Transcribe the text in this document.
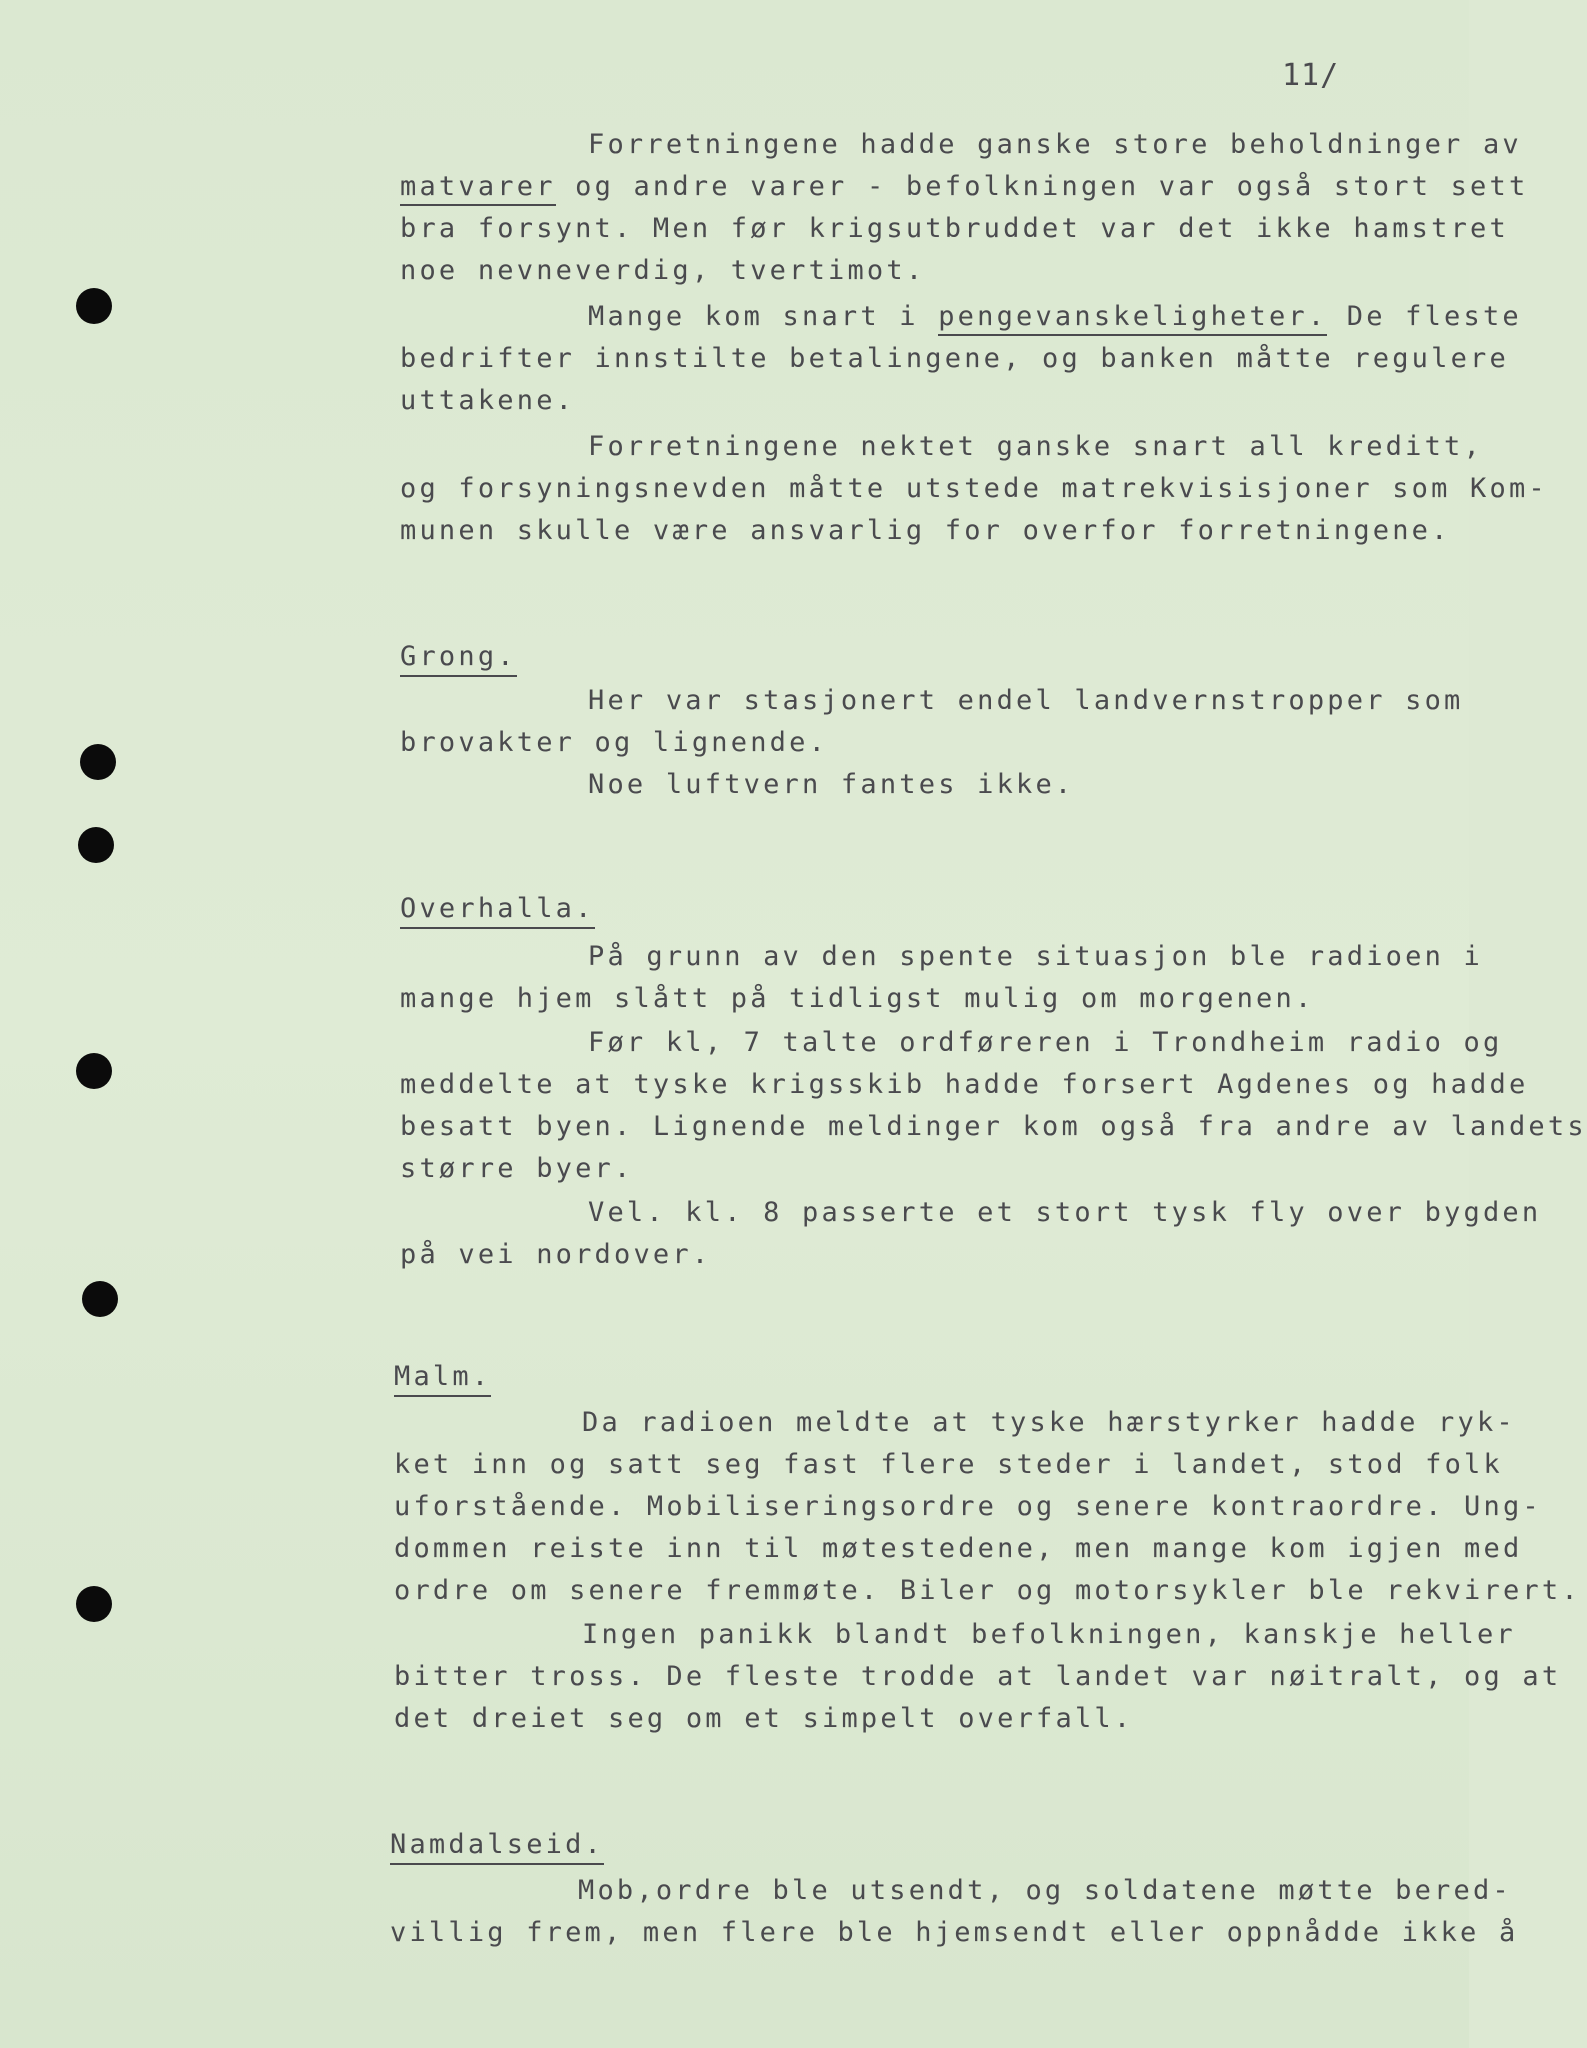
11/
Forretningene hadde ganske store beholdninger av
matvarer og andre varer - befolkningen var også stort sett
bra forsynt. Men før krigsutbruddet var det ikke hamstret
noe nevneverdig, tvertimot.
Mange kom snart i pengevanskeligheter. De fleste
bedrifter innstilte betalingene, og banken måtte regulere
uttakene.
Forretningene nektet ganske snart all kreditt,
og forsyningsnevden måtte utstede matrekvisisjoner som Kom-
munen skulle være ansvarlig for overfor forretningene.
Grong.
Her var stasjonert endel landvernstropper som
brovakter og lignende.
Noe luftvern fantes ikke.
Overhalla.
På grunn av den spente situasjon ble radioen i
mange hjem slått på tidligst mulig om morgenen.
Før kl, 7 talte ordføreren i Trondheim radio og
meddelte at tyske krigsskib hadde forsert Agdenes og hadde
besatt byen. Lignende meldinger kom også fra andre av landets
større byer.
Vel. kl. 8 passerte et stort tysk fly over bygden
på vei nordover.
Malm.
Da radioen meldte at tyske hærstyrker hadde ryk-
ket inn og satt seg fast flere steder i landet, stod folk
uforstående. Mobiliseringsordre og senere kontraordre. Ung-
dommen reiste inn til møtestedene, men mange kom igjen med
ordre om senere fremmøte. Biler og motorsykler ble rekvirert.
Ingen panikk blandt befolkningen, kanskje heller
bitter tross. De fleste trodde at landet var nøitralt, og at
det dreiet seg om et simpelt overfall.
Namdalseid.
Mob,ordre ble utsendt, og soldatene møtte bered-
villig frem, men flere ble hjemsendt eller oppnådde ikke å
